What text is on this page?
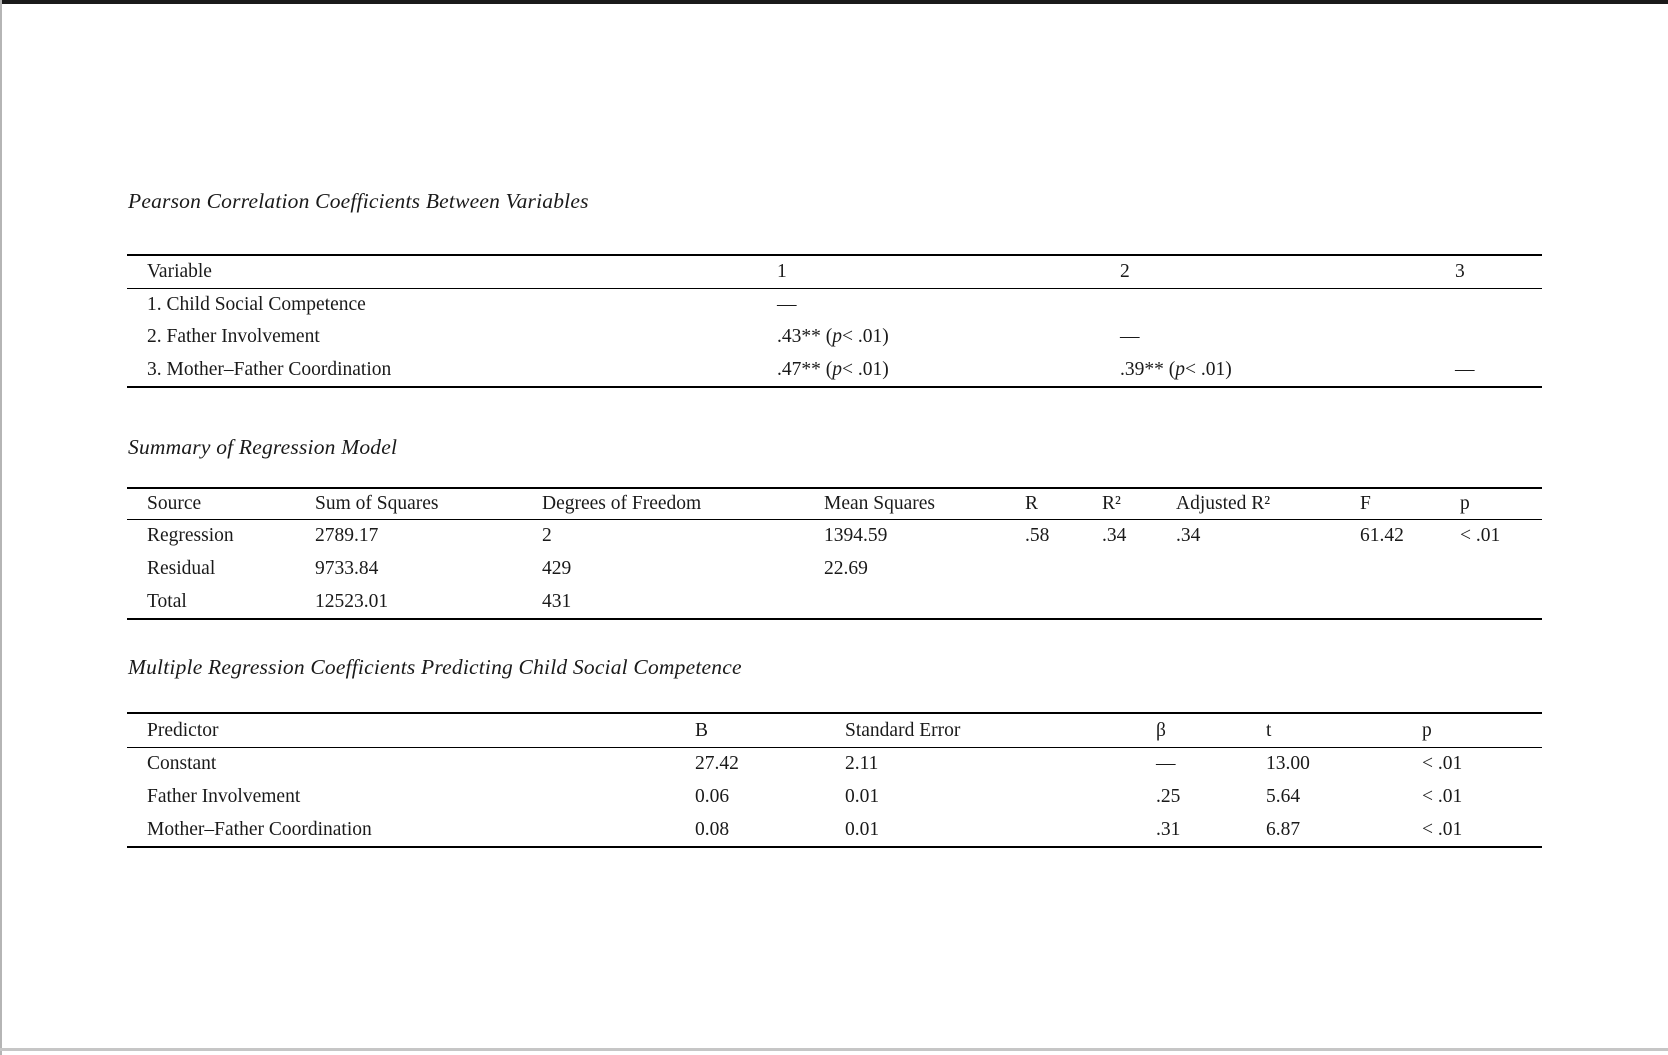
Pearson Correlation Coefficients Between Variables
Variable	1	2	3
1. Child Social Competence	—
2. Father Involvement	.43** ( p < .01)	—
3. Mother–Father Coordination	.47** ( p < .01)	.39** ( p < .01)	—
Summary of Regression Model
Source	Sum of Squares	Degrees of Freedom	Mean Squares	R	R²	Adjusted R²	F	p
Regression	2789.17	2	1394.59	.58	.34	.34	61.42	< .01
Residual	9733.84	429	22.69
Total	12523.01	431
Multiple Regression Coefficients Predicting Child Social Competence
Predictor	B	Standard Error	β	t	p
Constant	27.42	2.11	—	13.00	< .01
Father Involvement	0.06	0.01	.25	5.64	< .01
Mother–Father Coordination	0.08	0.01	.31	6.87	< .01
